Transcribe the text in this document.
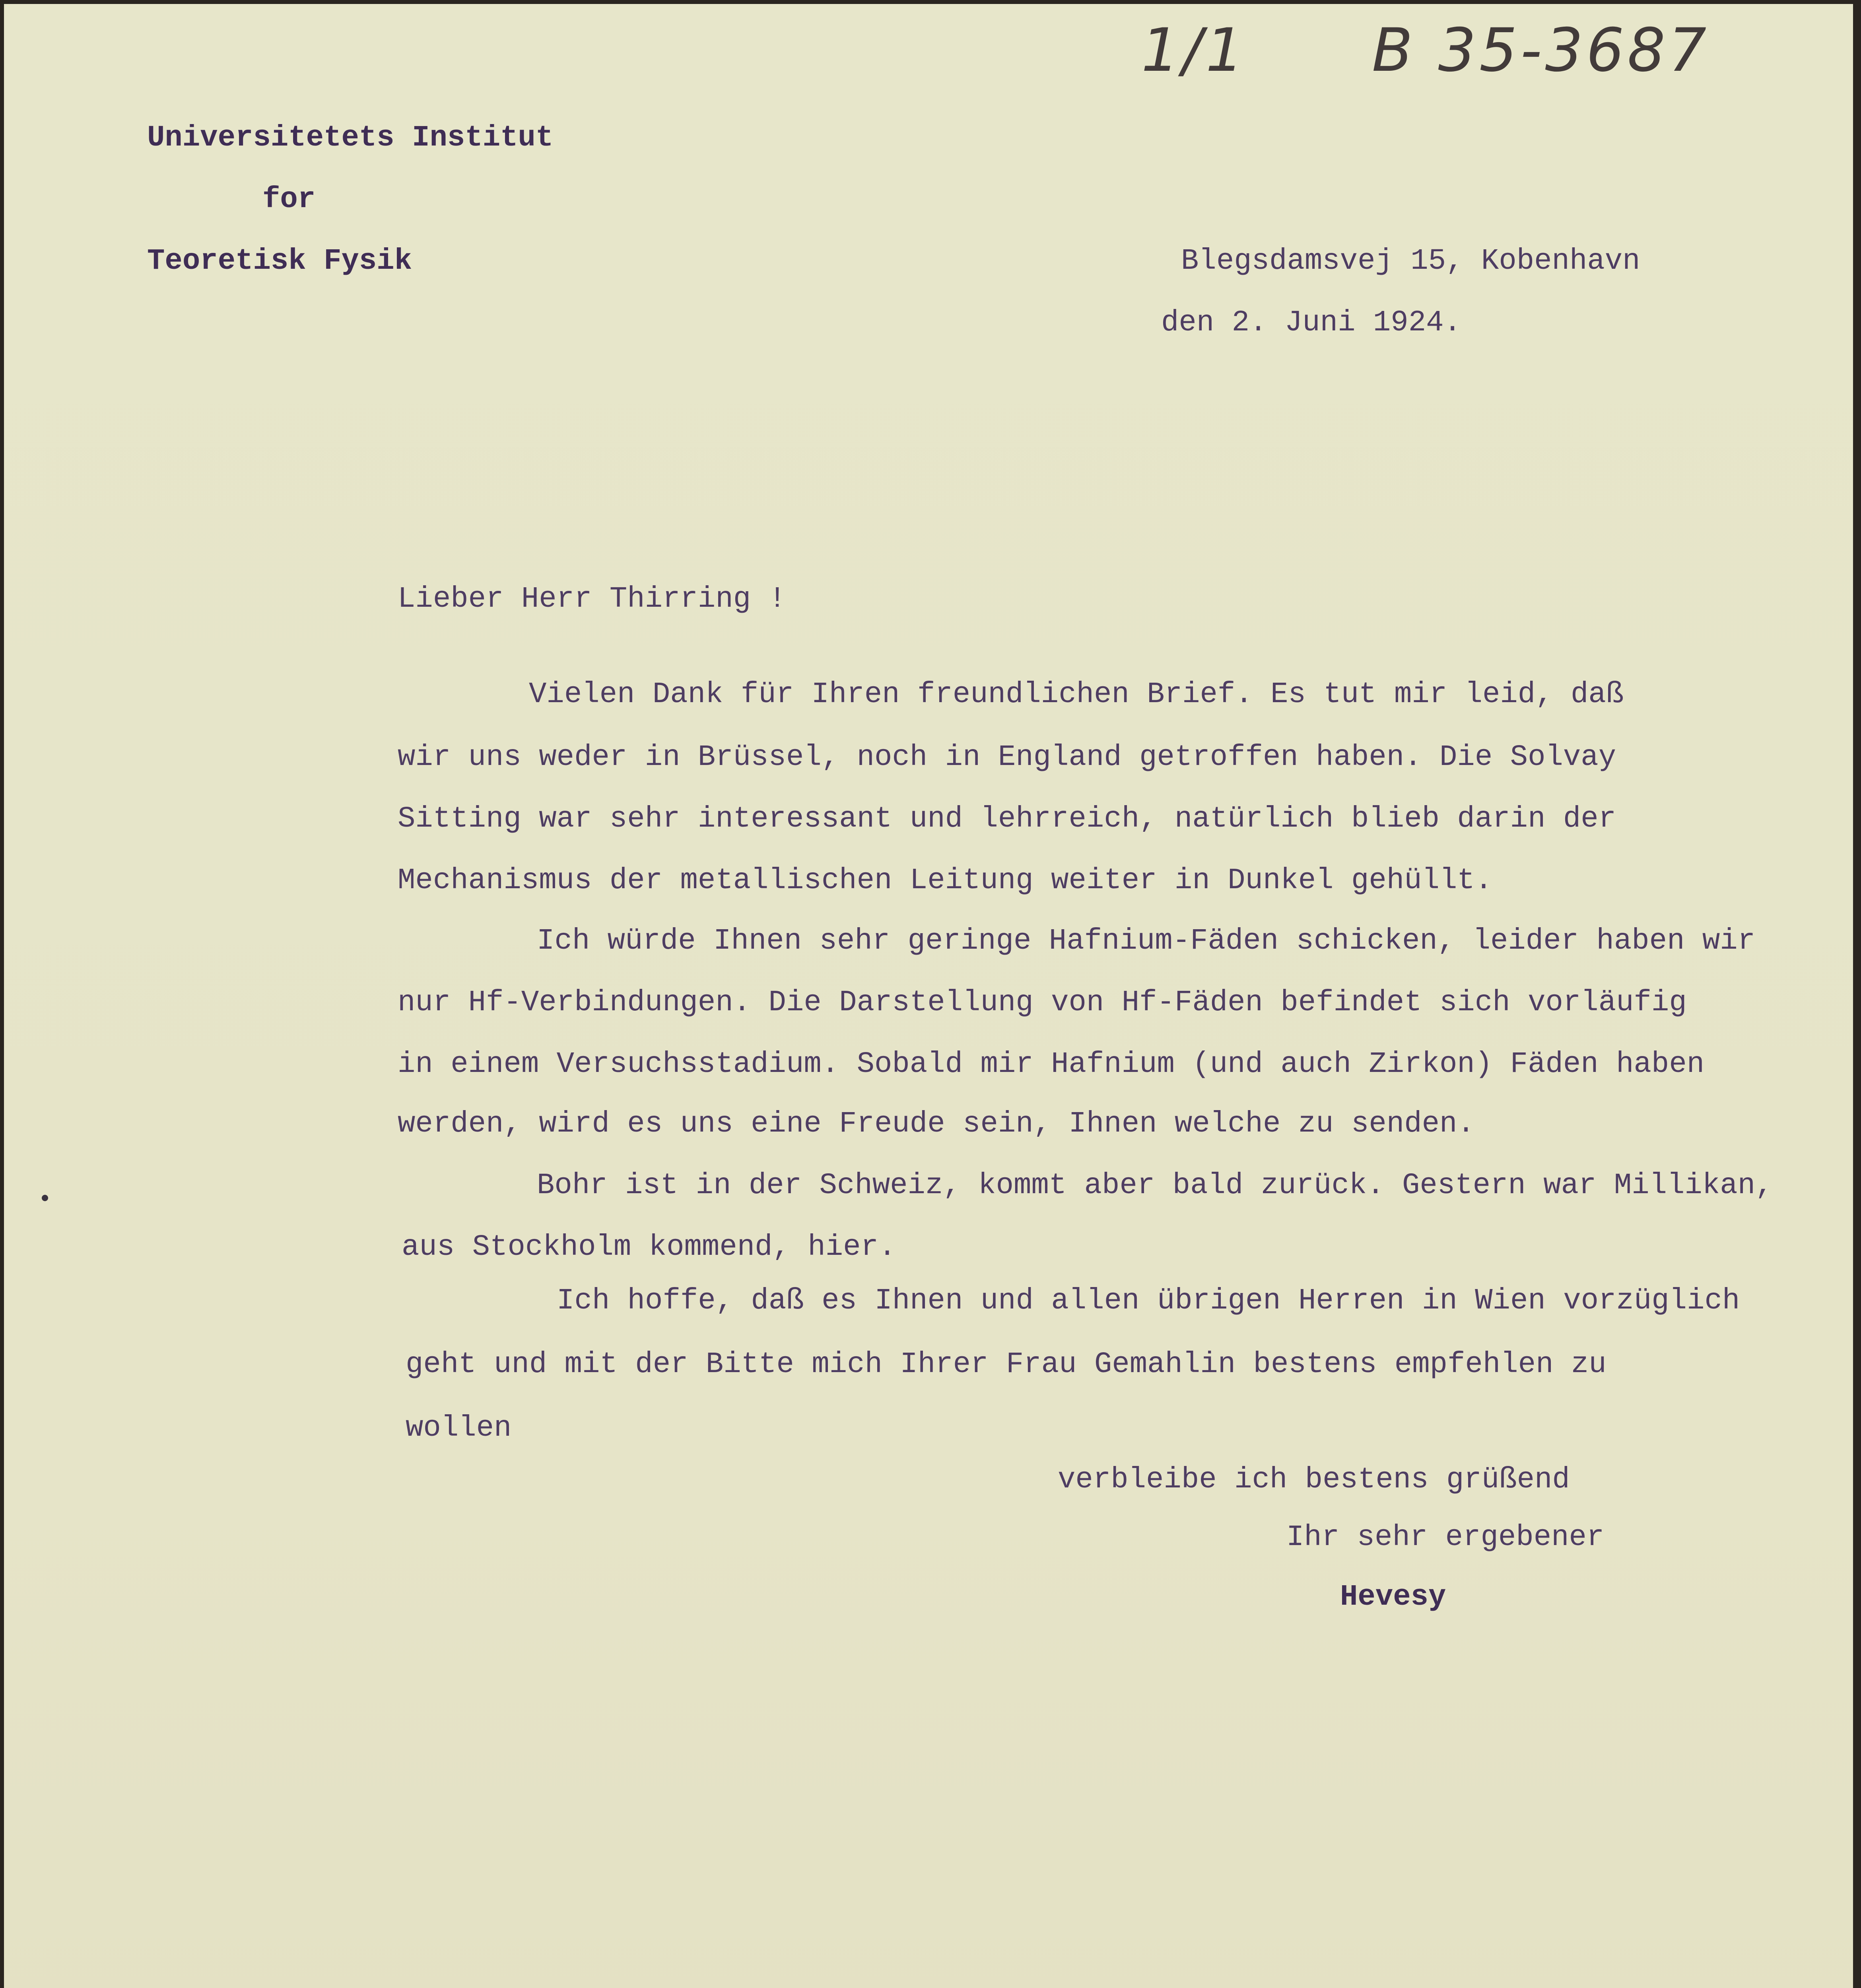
1/1 B 35-3687
Universitetets Institut
for
Teoretisk Fysik	Blegsdamsvej 15, Kobenhavn
den 2. Juni 1924.
Lieber Herr Thirring !
Vielen Dank für Ihren freundlichen Brief. Es tut mir leid, daß
wir uns weder in Brüssel, noch in England getroffen haben. Die Solvay
Sitting war sehr interessant und lehrreich, natürlich blieb darin der
Mechanismus der metallischen Leitung weiter in Dunkel gehüllt.
Ich würde Ihnen sehr geringe Hafnium-Fäden schicken, leider haben wir
nur Hf-Verbindungen. Die Darstellung von Hf-Fäden befindet sich vorläufig
in einem Versuchsstadium. Sobald mir Hafnium (und auch Zirkon) Fäden haben
werden, wird es uns eine Freude sein, Ihnen welche zu senden.
Bohr ist in der Schweiz, kommt aber bald zurück. Gestern war Millikan,
aus Stockholm kommend, hier.
Ich hoffe, daß es Ihnen und allen übrigen Herren in Wien vorzüglich
geht und mit der Bitte mich Ihrer Frau Gemahlin bestens empfehlen zu
wollen
verbleibe ich bestens grüßend
Ihr sehr ergebener
Hevesy
